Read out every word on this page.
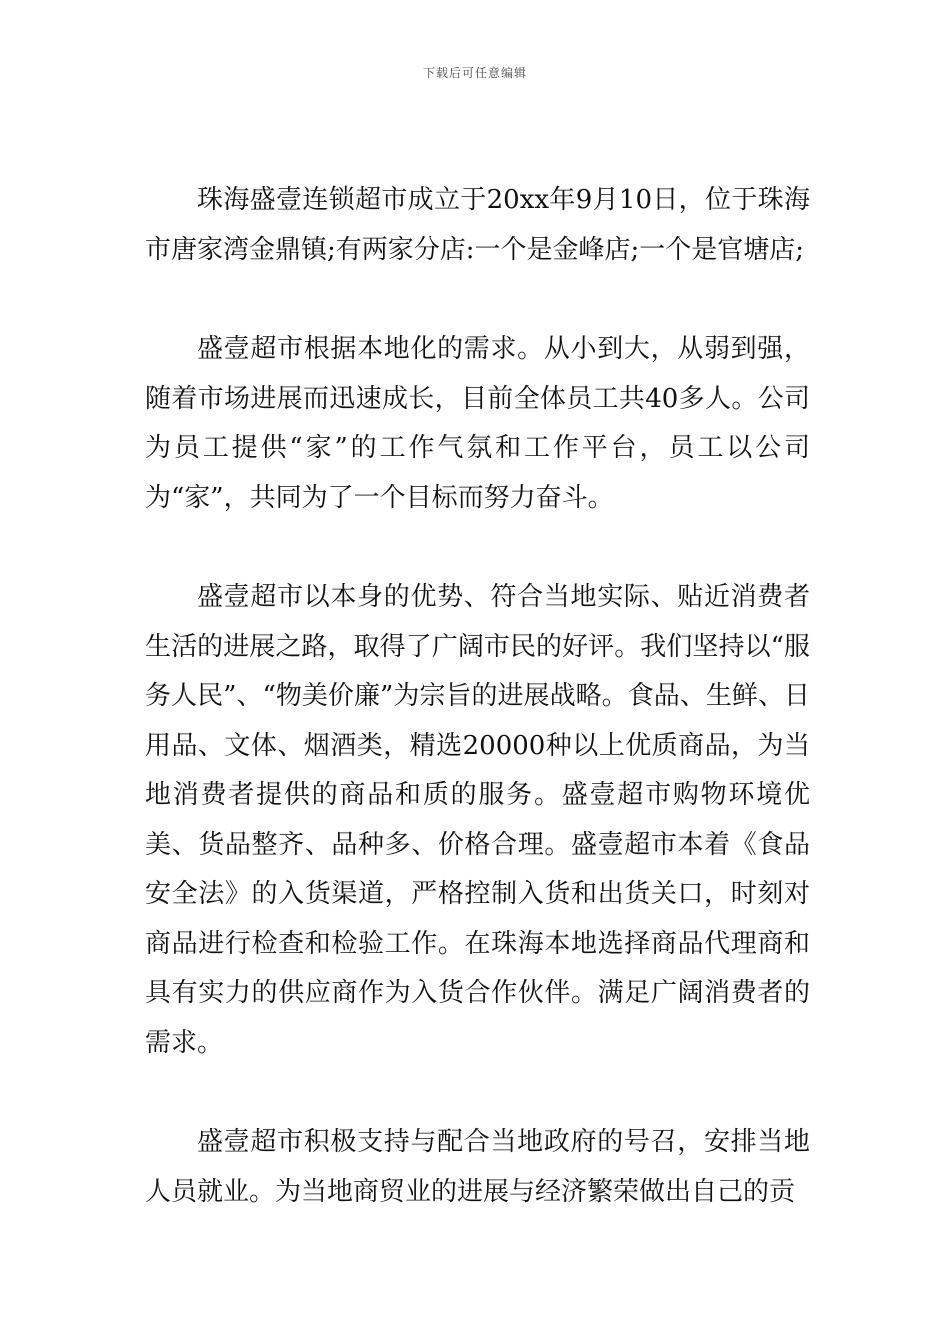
下载后可任意编辑

珠海盛壹连锁超市成立于20xx年9月10日，位于珠海市唐家湾金鼎镇;有两家分店:一个是金峰店;一个是官塘店;

盛壹超市根据本地化的需求。从小到大，从弱到强，随着市场进展而迅速成长，目前全体员工共40多人。公司为员工提供“家”的工作气氛和工作平台，员工以公司为“家”，共同为了一个目标而努力奋斗。

盛壹超市以本身的优势、符合当地实际、贴近消费者生活的进展之路，取得了广阔市民的好评。我们坚持以“服务人民”、“物美价廉”为宗旨的进展战略。食品、生鲜、日用品、文体、烟酒类，精选20000种以上优质商品，为当地消费者提供的商品和质的服务。盛壹超市购物环境优美、货品整齐、品种多、价格合理。盛壹超市本着《食品安全法》的入货渠道，严格控制入货和出货关口，时刻对商品进行检查和检验工作。在珠海本地选择商品代理商和具有实力的供应商作为入货合作伙伴。满足广阔消费者的需求。

盛壹超市积极支持与配合当地政府的号召，安排当地人员就业。为当地商贸业的进展与经济繁荣做出自己的贡
